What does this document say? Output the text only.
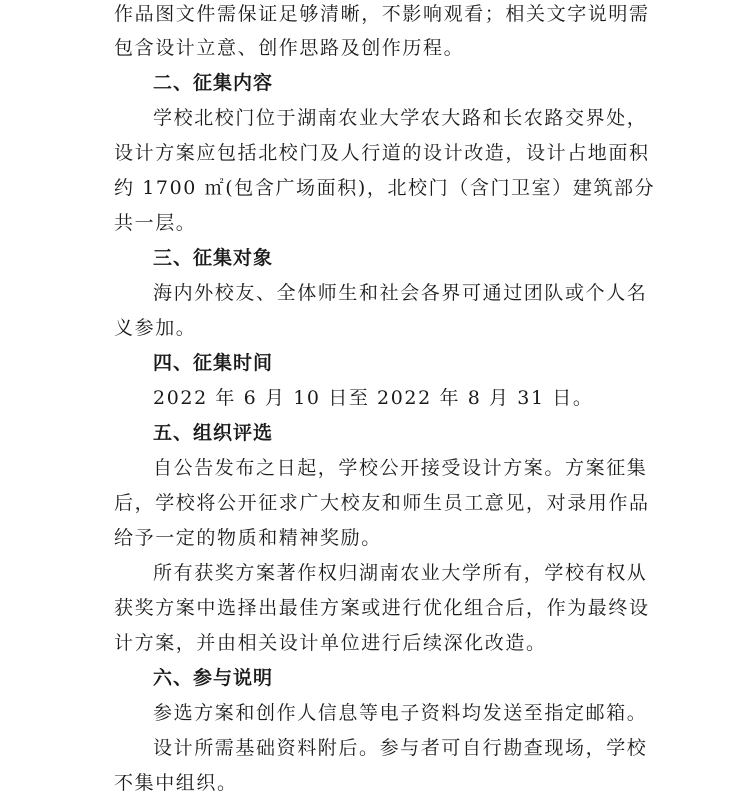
作品图文件需保证足够清晰，不影响观看；相关文字说明需
包含设计立意、创作思路及创作历程。
二、征集内容
学校北校门位于湖南农业大学农大路和长农路交界处，
设计方案应包括北校门及人行道的设计改造，设计占地面积
约 1700 ㎡(包含广场面积)，北校门（含门卫室）建筑部分
共一层。
三、征集对象
海内外校友、全体师生和社会各界可通过团队或个人名
义参加。
四、征集时间
2022 年 6 月 10 日至 2022 年 8 月 31 日。
五、组织评选
自公告发布之日起，学校公开接受设计方案。方案征集
后，学校将公开征求广大校友和师生员工意见，对录用作品
给予一定的物质和精神奖励。
所有获奖方案著作权归湖南农业大学所有，学校有权从
获奖方案中选择出最佳方案或进行优化组合后，作为最终设
计方案，并由相关设计单位进行后续深化改造。
六、参与说明
参选方案和创作人信息等电子资料均发送至指定邮箱。
设计所需基础资料附后。参与者可自行勘查现场，学校
不集中组织。
